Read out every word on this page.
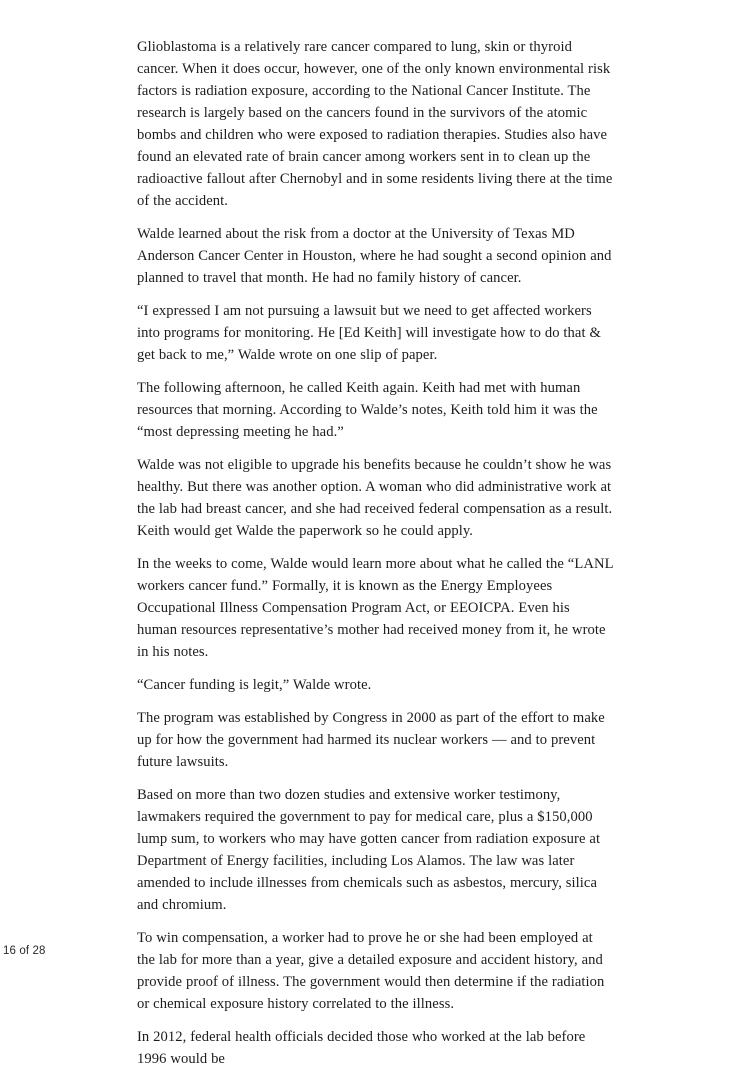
Glioblastoma is a relatively rare cancer compared to lung, skin or thyroid cancer. When it does occur, however, one of the only known environmental risk factors is radiation exposure, according to the National Cancer Institute. The research is largely based on the cancers found in the survivors of the atomic bombs and children who were exposed to radiation therapies. Studies also have found an elevated rate of brain cancer among workers sent in to clean up the radioactive fallout after Chernobyl and in some residents living there at the time of the accident.

Walde learned about the risk from a doctor at the University of Texas MD Anderson Cancer Center in Houston, where he had sought a second opinion and planned to travel that month. He had no family history of cancer.

“I expressed I am not pursuing a lawsuit but we need to get affected workers into programs for monitoring. He [Ed Keith] will investigate how to do that & get back to me,” Walde wrote on one slip of paper.

The following afternoon, he called Keith again. Keith had met with human resources that morning. According to Walde’s notes, Keith told him it was the “most depressing meeting he had.”

Walde was not eligible to upgrade his benefits because he couldn’t show he was healthy. But there was another option. A woman who did administrative work at the lab had breast cancer, and she had received federal compensation as a result. Keith would get Walde the paperwork so he could apply.

In the weeks to come, Walde would learn more about what he called the “LANL workers cancer fund.” Formally, it is known as the Energy Employees Occupational Illness Compensation Program Act, or EEOICPA. Even his human resources representative’s mother had received money from it, he wrote in his notes.

“Cancer funding is legit,” Walde wrote.

The program was established by Congress in 2000 as part of the effort to make up for how the government had harmed its nuclear workers — and to prevent future lawsuits.

Based on more than two dozen studies and extensive worker testimony, lawmakers required the government to pay for medical care, plus a $150,000 lump sum, to workers who may have gotten cancer from radiation exposure at Department of Energy facilities, including Los Alamos. The law was later amended to include illnesses from chemicals such as asbestos, mercury, silica and chromium.

To win compensation, a worker had to prove he or she had been employed at the lab for more than a year, give a detailed exposure and accident history, and provide proof of illness. The government would then determine if the radiation or chemical exposure history correlated to the illness.

In 2012, federal health officials decided those who worked at the lab before 1996 would be

16 of 28
